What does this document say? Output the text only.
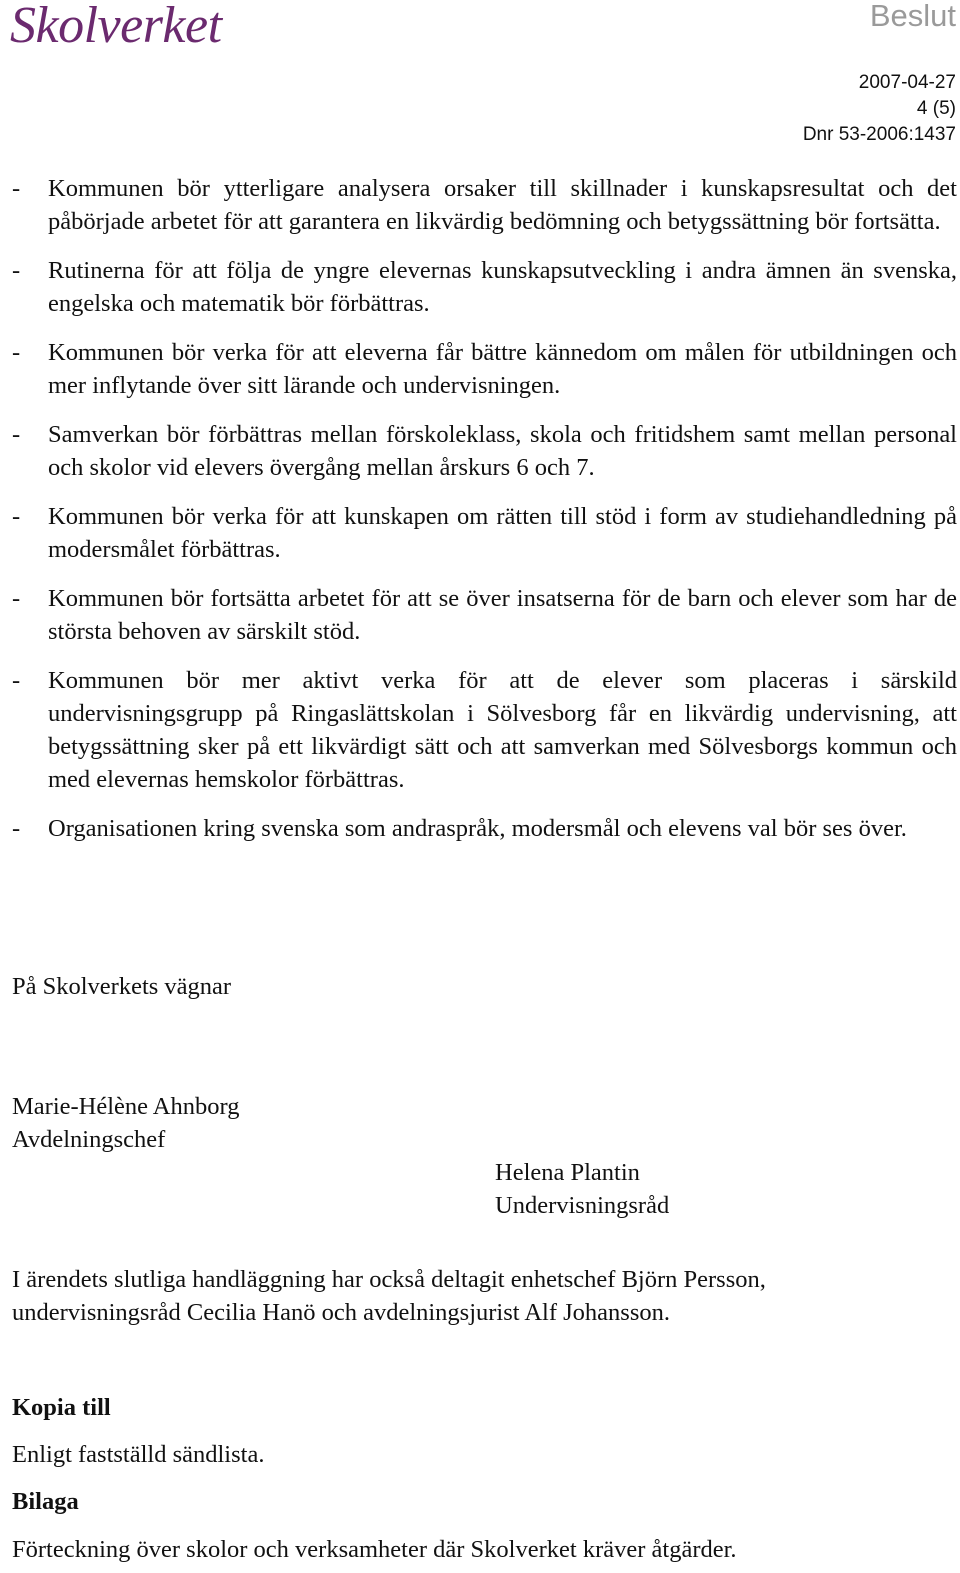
Skolverket	Beslut
2007-04-27
4 (5)
Dnr 53-2006:1437
- Kommunen bör ytterligare analysera orsaker till skillnader i kunskapsresultat och det påbörjade arbetet för att garantera en likvärdig bedömning och betygssättning bör fortsätta.
- Rutinerna för att följa de yngre elevernas kunskapsutveckling i andra ämnen än svenska, engelska och matematik bör förbättras.
- Kommunen bör verka för att eleverna får bättre kännedom om målen för utbildningen och mer inflytande över sitt lärande och undervisningen.
- Samverkan bör förbättras mellan förskoleklass, skola och fritidshem samt mellan personal och skolor vid elevers övergång mellan årskurs 6 och 7.
- Kommunen bör verka för att kunskapen om rätten till stöd i form av studiehandledning på modersmålet förbättras.
- Kommunen bör fortsätta arbetet för att se över insatserna för de barn och elever som har de största behoven av särskilt stöd.
- Kommunen bör mer aktivt verka för att de elever som placeras i särskild undervisningsgrupp på Ringaslättskolan i Sölvesborg får en likvärdig undervisning, att betygssättning sker på ett likvärdigt sätt och att samverkan med Sölvesborgs kommun och med elevernas hemskolor förbättras.
- Organisationen kring svenska som andraspråk, modersmål och elevens val bör ses över.
På Skolverkets vägnar
Marie-Hélène Ahnborg
Avdelningschef
Helena Plantin
Undervisningsråd
I ärendets slutliga handläggning har också deltagit enhetschef Björn Persson, undervisningsråd Cecilia Hanö och avdelningsjurist Alf Johansson.
Kopia till
Enligt fastställd sändlista.
Bilaga
Förteckning över skolor och verksamheter där Skolverket kräver åtgärder.
